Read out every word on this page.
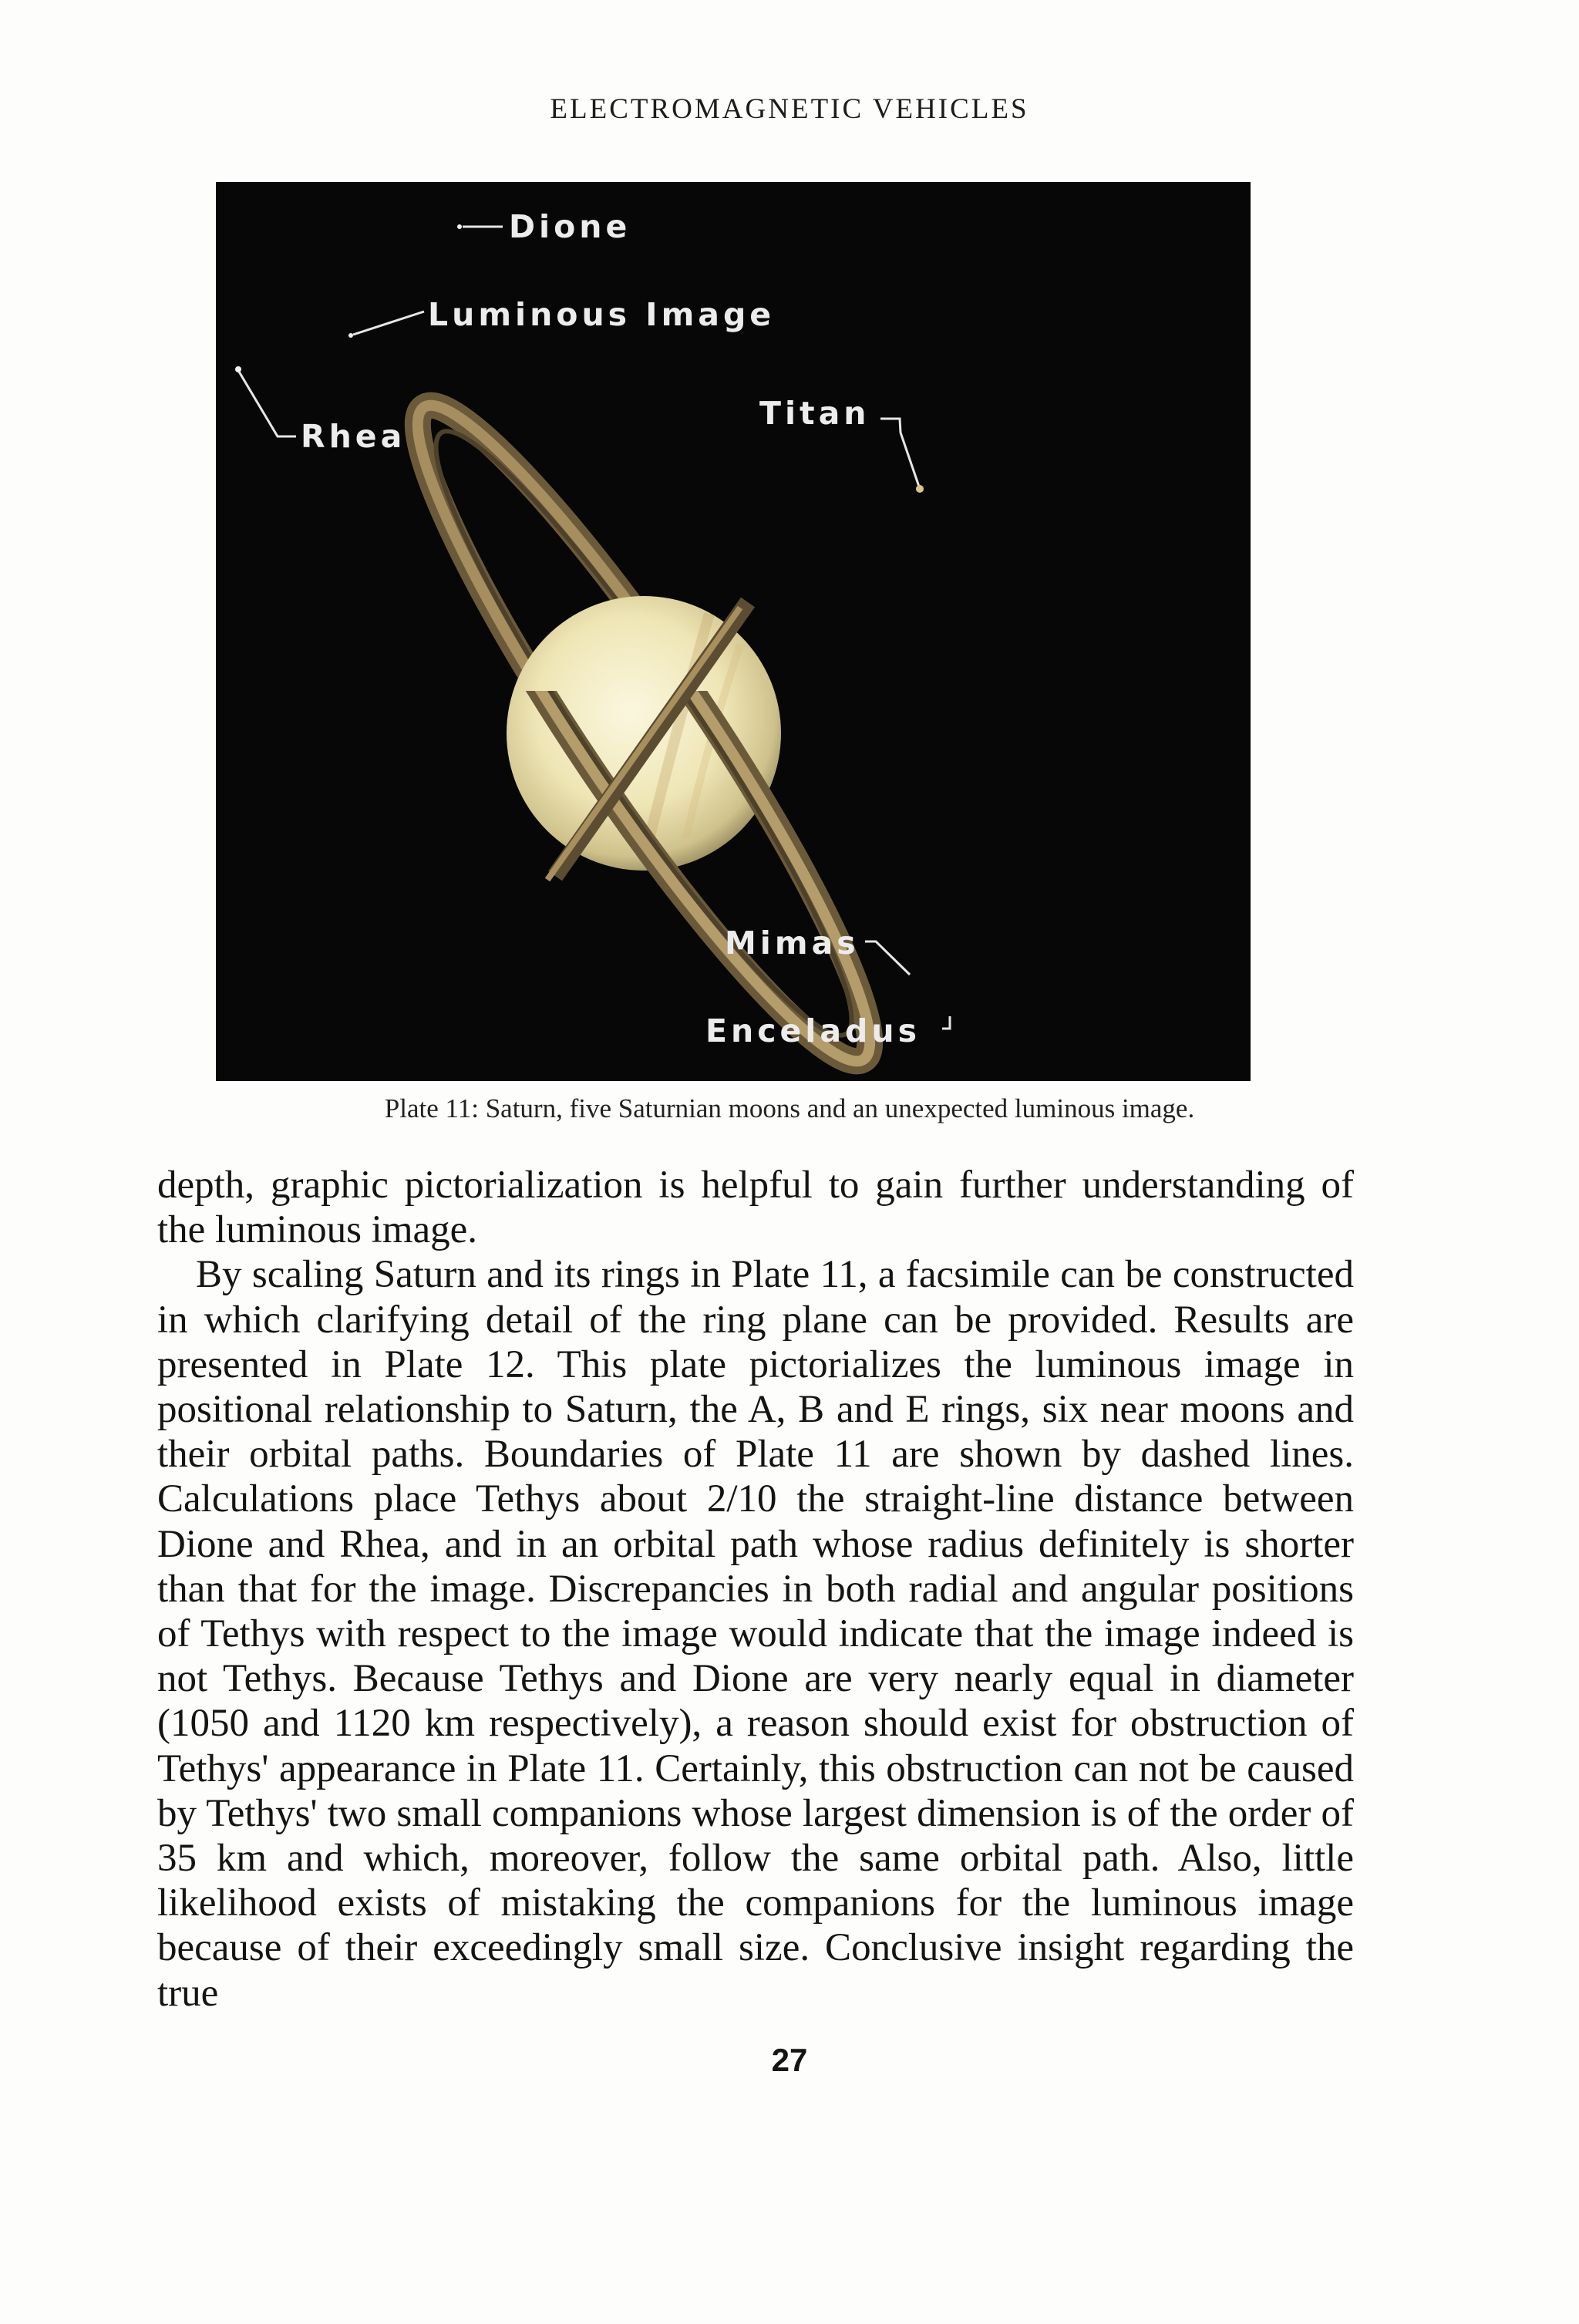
ELECTROMAGNETIC VEHICLES
Dione
Luminous Image
Rhea
Titan
Mimas
Enceladus
Plate 11: Saturn, five Saturnian moons and an unexpected luminous image.

depth, graphic pictorialization is helpful to gain further understanding of the luminous image.

By scaling Saturn and its rings in Plate 11, a facsimile can be constructed in which clarifying detail of the ring plane can be provided. Results are presented in Plate 12. This plate pictorializes the luminous image in positional relationship to Saturn, the A, B and E rings, six near moons and their orbital paths. Boundaries of Plate 11 are shown by dashed lines. Calculations place Tethys about 2/10 the straight-line distance between Dione and Rhea, and in an orbital path whose radius definitely is shorter than that for the image. Discrepancies in both radial and angular positions of Tethys with respect to the image would indicate that the image indeed is not Tethys. Because Tethys and Dione are very nearly equal in diameter (1050 and 1120 km respectively), a reason should exist for obstruction of Tethys' appearance in Plate 11. Certainly, this obstruction can not be caused by Tethys' two small companions whose largest dimension is of the order of 35 km and which, moreover, follow the same orbital path. Also, little likelihood exists of mistaking the companions for the luminous image because of their exceedingly small size. Conclusive insight regarding the true

27
